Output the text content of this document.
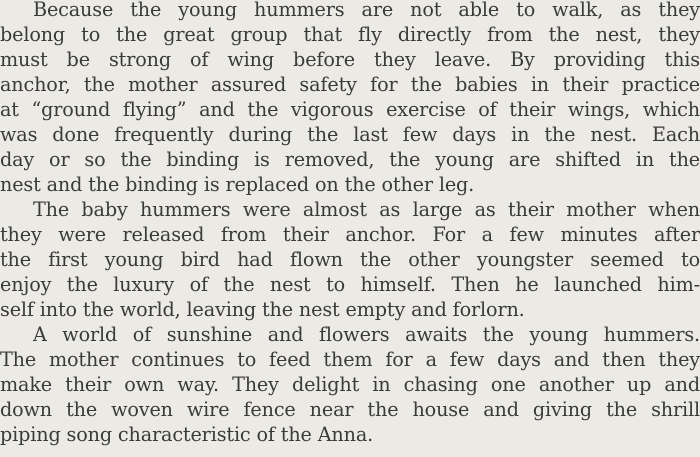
Because the young hummers are not able to walk, as they
belong to the great group that fly directly from the nest, they
must be strong of wing before they leave. By providing this
anchor, the mother assured safety for the babies in their practice
at “ground flying” and the vigorous exercise of their wings, which
was done frequently during the last few days in the nest. Each
day or so the binding is removed, the young are shifted in the
nest and the binding is replaced on the other leg.
The baby hummers were almost as large as their mother when
they were released from their anchor. For a few minutes after
the first young bird had flown the other youngster seemed to
enjoy the luxury of the nest to himself. Then he launched him-
self into the world, leaving the nest empty and forlorn.
A world of sunshine and flowers awaits the young hummers.
The mother continues to feed them for a few days and then they
make their own way. They delight in chasing one another up and
down the woven wire fence near the house and giving the shrill
piping song characteristic of the Anna.
